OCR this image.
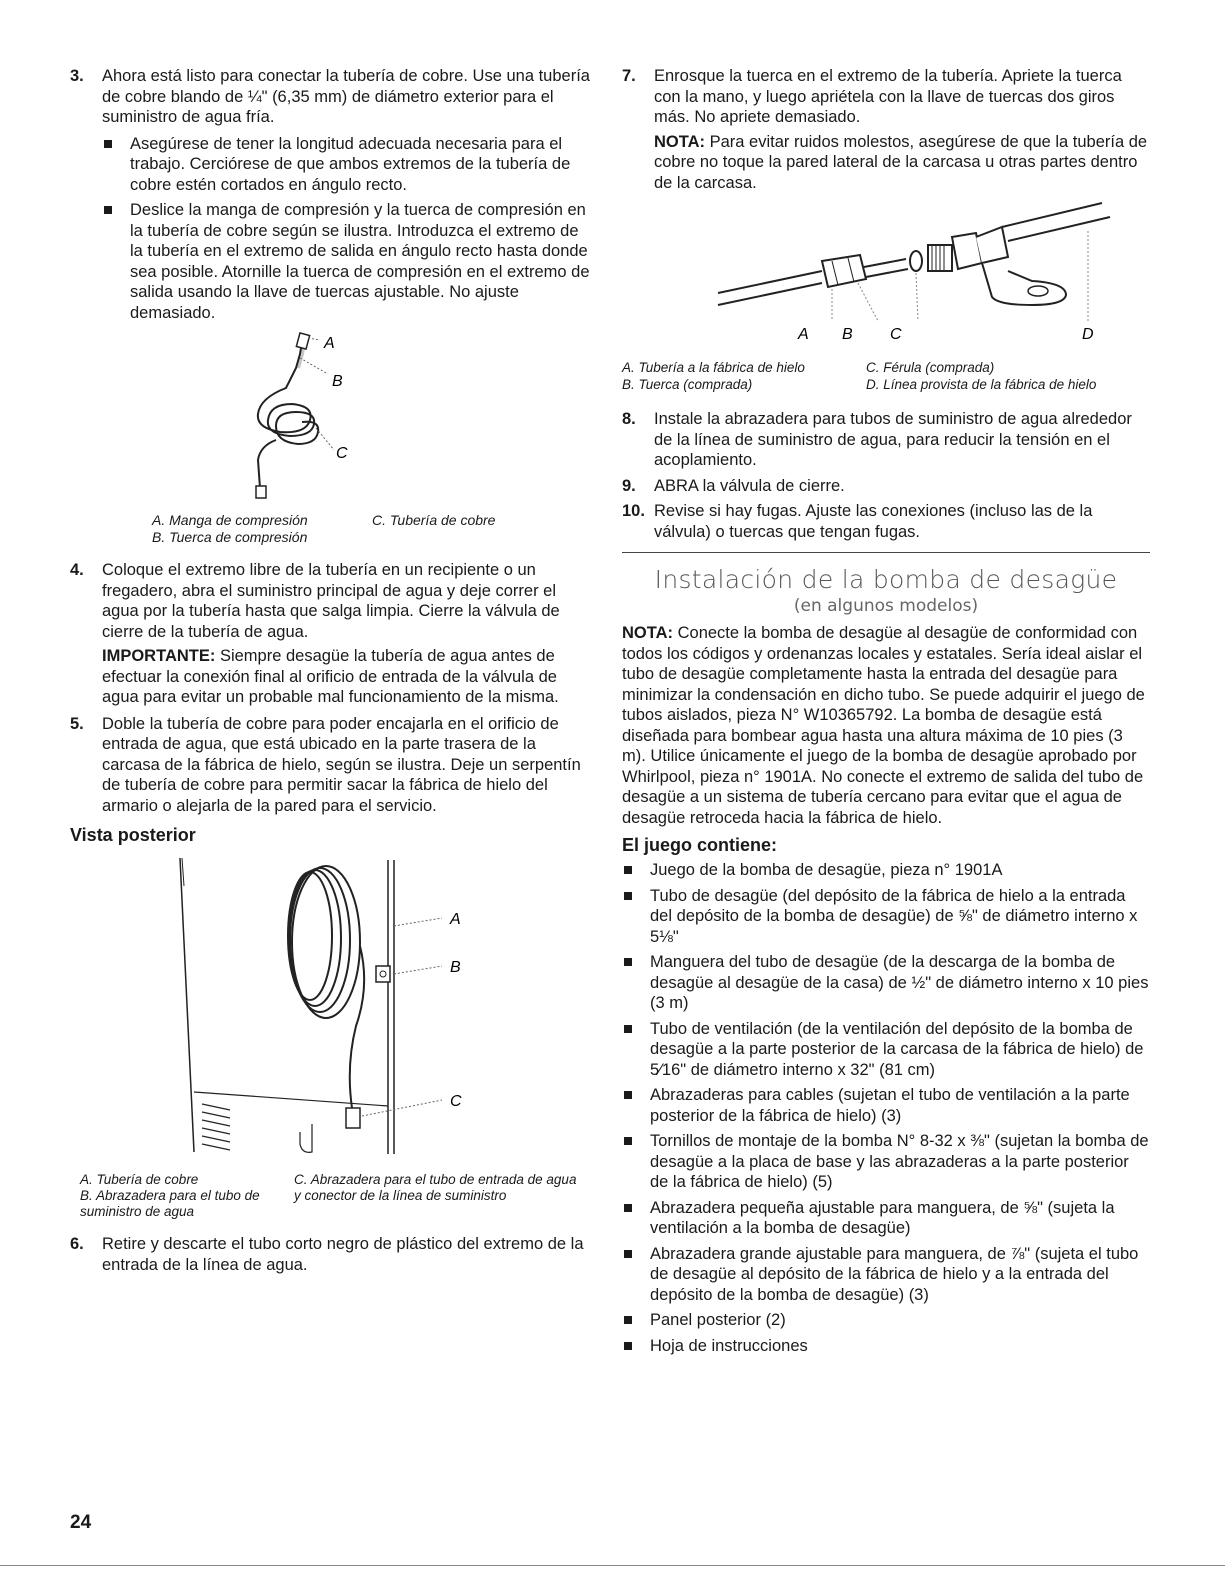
3. Ahora está listo para conectar la tubería de cobre. Use una tubería de cobre blando de ¼" (6,35 mm) de diámetro exterior para el suministro de agua fría.

Asegúrese de tener la longitud adecuada necesaria para el trabajo. Cerciórese de que ambos extremos de la tubería de cobre estén cortados en ángulo recto.
Deslice la manga de compresión y la tuerca de compresión en la tubería de cobre según se ilustra. Introduzca el extremo de la tubería en el extremo de salida en ángulo recto hasta donde sea posible. Atornille la tuerca de compresión en el extremo de salida usando la llave de tuercas ajustable. No ajuste demasiado.
A
B
C
A. Manga de compresión	C. Tubería de cobre
B. Tuerca de compresión
4. Coloque el extremo libre de la tubería en un recipiente o un fregadero, abra el suministro principal de agua y deje correr el agua por la tubería hasta que salga limpia. Cierre la válvula de cierre de la tubería de agua.

IMPORTANTE: Siempre desagüe la tubería de agua antes de efectuar la conexión final al orificio de entrada de la válvula de agua para evitar un probable mal funcionamiento de la misma.

5. Doble la tubería de cobre para poder encajarla en el orificio de entrada de agua, que está ubicado en la parte trasera de la carcasa de la fábrica de hielo, según se ilustra. Deje un serpentín de tubería de cobre para permitir sacar la fábrica de hielo del armario o alejarla de la pared para el servicio.

Vista posterior
A
B
C
A. Tubería de cobre	C. Abrazadera para el tubo de entrada de agua y conector de la línea de suministro
B. Abrazadera para el tubo de suministro de agua
6. Retire y descarte el tubo corto negro de plástico del extremo de la entrada de la línea de agua.

7. Enrosque la tuerca en el extremo de la tubería. Apriete la tuerca con la mano, y luego apriétela con la llave de tuercas dos giros más. No apriete demasiado.

NOTA: Para evitar ruidos molestos, asegúrese de que la tubería de cobre no toque la pared lateral de la carcasa u otras partes dentro de la carcasa.

A B C	D
A. Tubería a la fábrica de hielo	C. Férula (comprada)
B. Tuerca (comprada)	D. Línea provista de la fábrica de hielo
8. Instale la abrazadera para tubos de suministro de agua alrededor de la línea de suministro de agua, para reducir la tensión en el acoplamiento.

9. ABRA la válvula de cierre.

10. Revise si hay fugas. Ajuste las conexiones (incluso las de la válvula) o tuercas que tengan fugas.

Instalación de la bomba de desagüe
(en algunos modelos)

NOTA: Conecte la bomba de desagüe al desagüe de conformidad con todos los códigos y ordenanzas locales y estatales. Sería ideal aislar el tubo de desagüe completamente hasta la entrada del desagüe para minimizar la condensación en dicho tubo. Se puede adquirir el juego de tubos aislados, pieza N° W10365792. La bomba de desagüe está diseñada para bombear agua hasta una altura máxima de 10 pies (3 m). Utilice únicamente el juego de la bomba de desagüe aprobado por Whirlpool, pieza n° 1901A. No conecte el extremo de salida del tubo de desagüe a un sistema de tubería cercano para evitar que el agua de desagüe retroceda hacia la fábrica de hielo.

El juego contiene:
Juego de la bomba de desagüe, pieza n° 1901A
Tubo de desagüe (del depósito de la fábrica de hielo a la entrada del depósito de la bomba de desagüe) de ⅝" de diámetro interno x 5⅛"
Manguera del tubo de desagüe (de la descarga de la bomba de desagüe al desagüe de la casa) de ½" de diámetro interno x 10 pies (3 m)
Tubo de ventilación (de la ventilación del depósito de la bomba de desagüe a la parte posterior de la carcasa de la fábrica de hielo) de 5⁄16" de diámetro interno x 32" (81 cm)
Abrazaderas para cables (sujetan el tubo de ventilación a la parte posterior de la fábrica de hielo) (3)
Tornillos de montaje de la bomba N° 8-32 x ⅜" (sujetan la bomba de desagüe a la placa de base y las abrazaderas a la parte posterior de la fábrica de hielo) (5)
Abrazadera pequeña ajustable para manguera, de ⅝" (sujeta la ventilación a la bomba de desagüe)
Abrazadera grande ajustable para manguera, de ⅞" (sujeta el tubo de desagüe al depósito de la fábrica de hielo y a la entrada del depósito de la bomba de desagüe) (3)
Panel posterior (2)
Hoja de instrucciones
24
